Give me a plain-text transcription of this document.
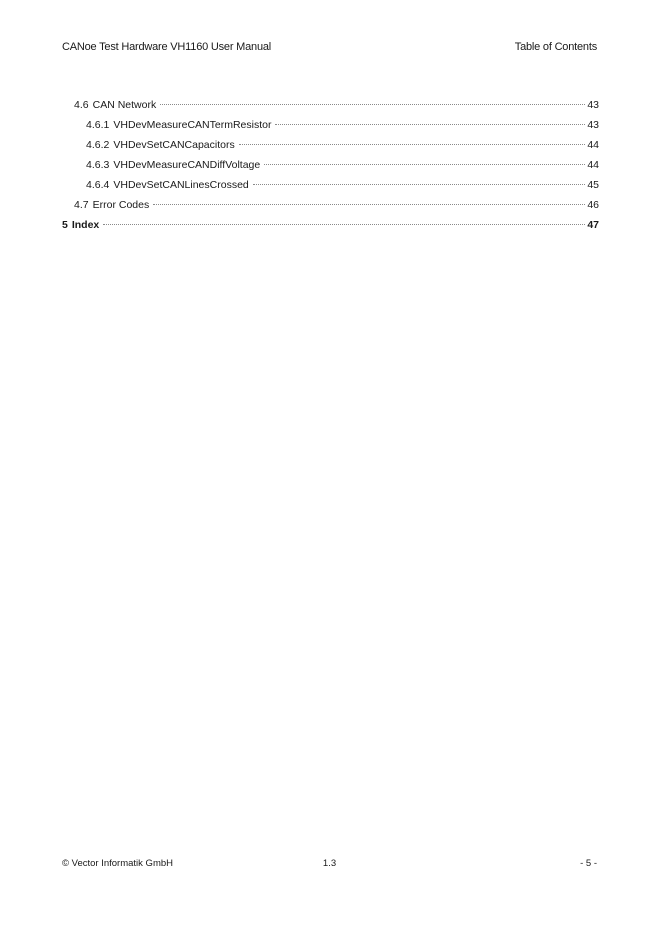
CANoe Test Hardware VH1160 User Manual	Table of Contents
4.6 CAN Network	43
4.6.1 VHDevMeasureCANTermResistor	43
4.6.2 VHDevSetCANCapacitors	44
4.6.3 VHDevMeasureCANDiffVoltage	44
4.6.4 VHDevSetCANLinesCrossed	45
4.7 Error Codes	46
5 Index	47
© Vector Informatik GmbH	1.3	- 5 -
